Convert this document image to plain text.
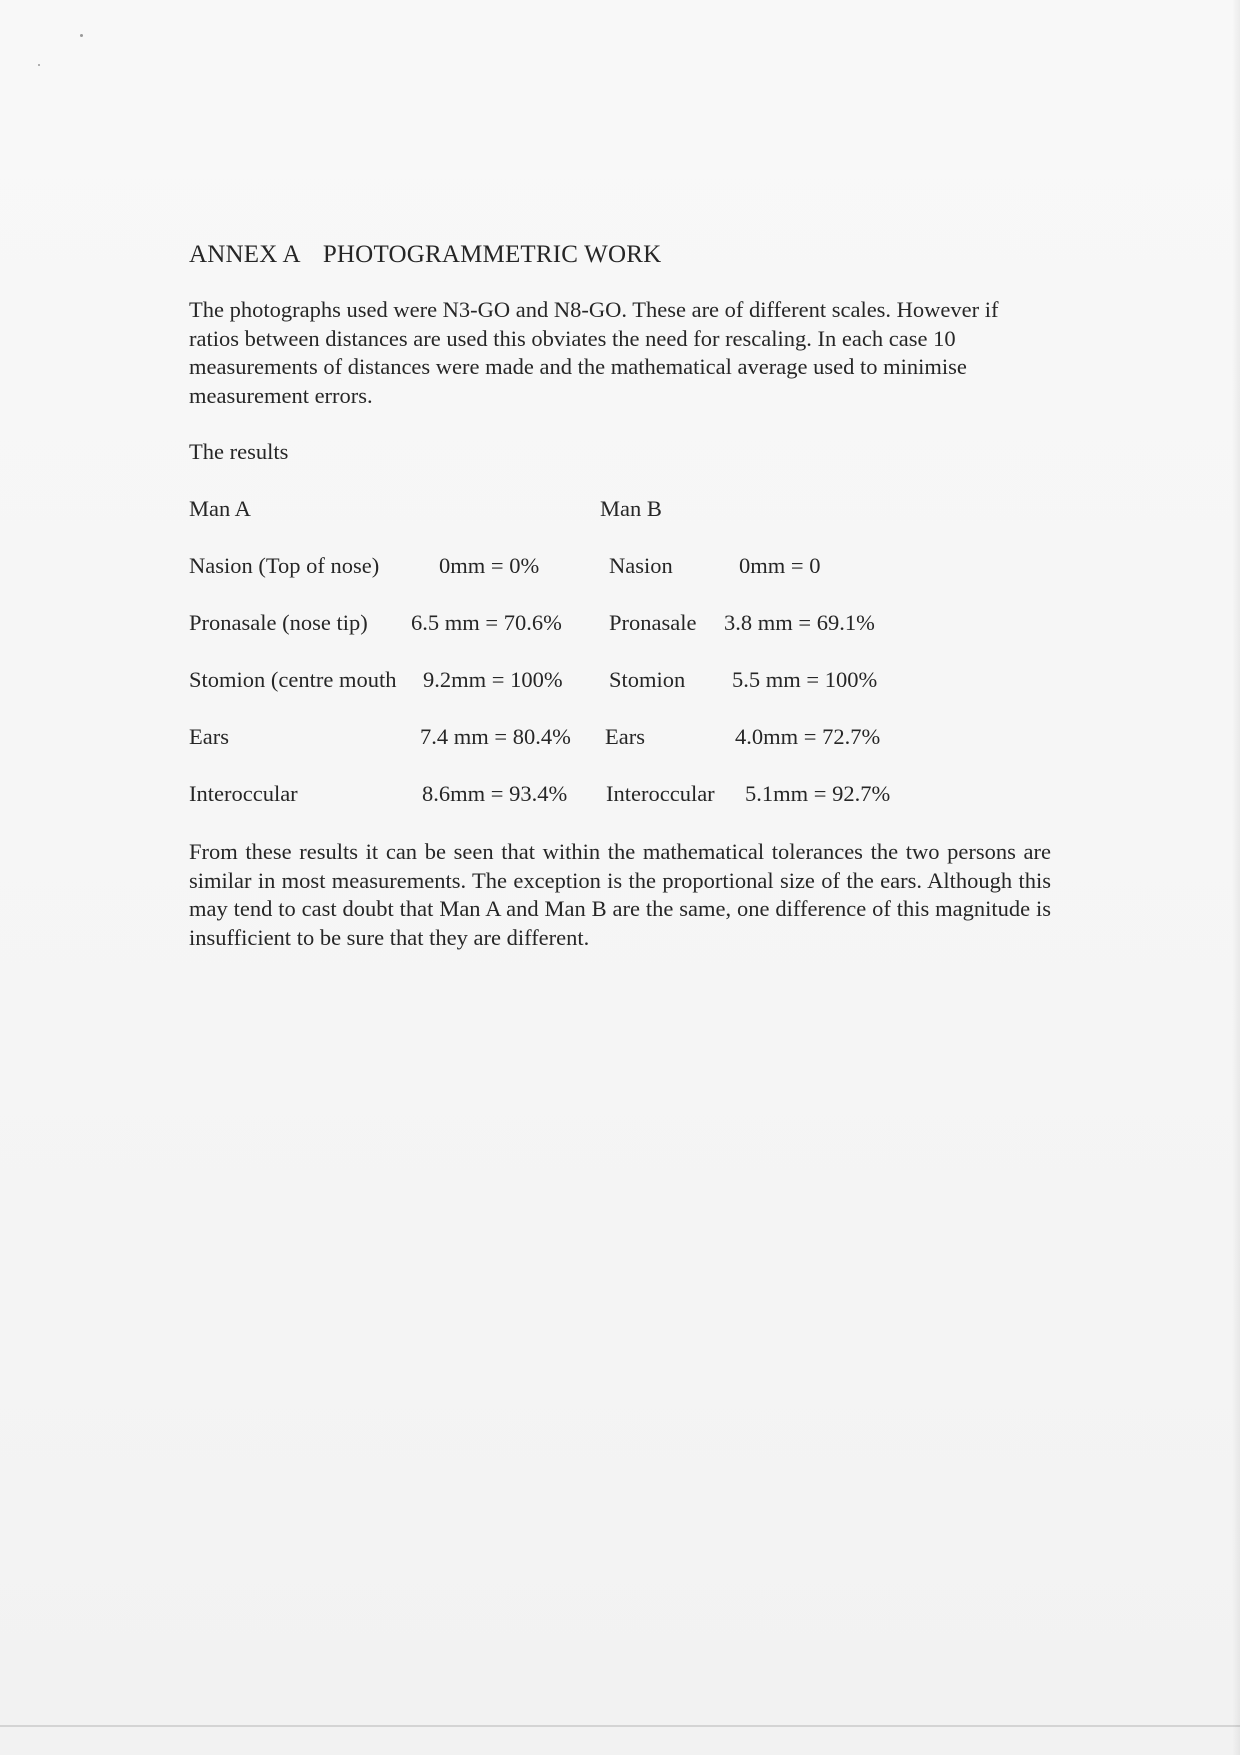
ANNEX A PHOTOGRAMMETRIC WORK

The photographs used were N3-GO and N8-GO. These are of different scales. However if ratios between distances are used this obviates the need for rescaling. In each case 10 measurements of distances were made and the mathematical average used to minimise measurement errors.

The results

Man A	Man B
Nasion (Top of nose)	0mm = 0%	Nasion	0mm = 0
Pronasale (nose tip) 6.5 mm = 70.6% Pronasale 3.8 mm = 69.1%
Stomion (centre mouth 9.2mm = 100% Stomion 5.5 mm = 100%
Ears	7.4 mm = 80.4% Ears	4.0mm = 72.7%
Interoccular	8.6mm = 93.4% Interoccular 5.1mm = 92.7%

From these results it can be seen that within the mathematical tolerances the two persons are similar in most measurements. The exception is the proportional size of the ears. Although this may tend to cast doubt that Man A and Man B are the same, one difference of this magnitude is insufficient to be sure that they are different.
